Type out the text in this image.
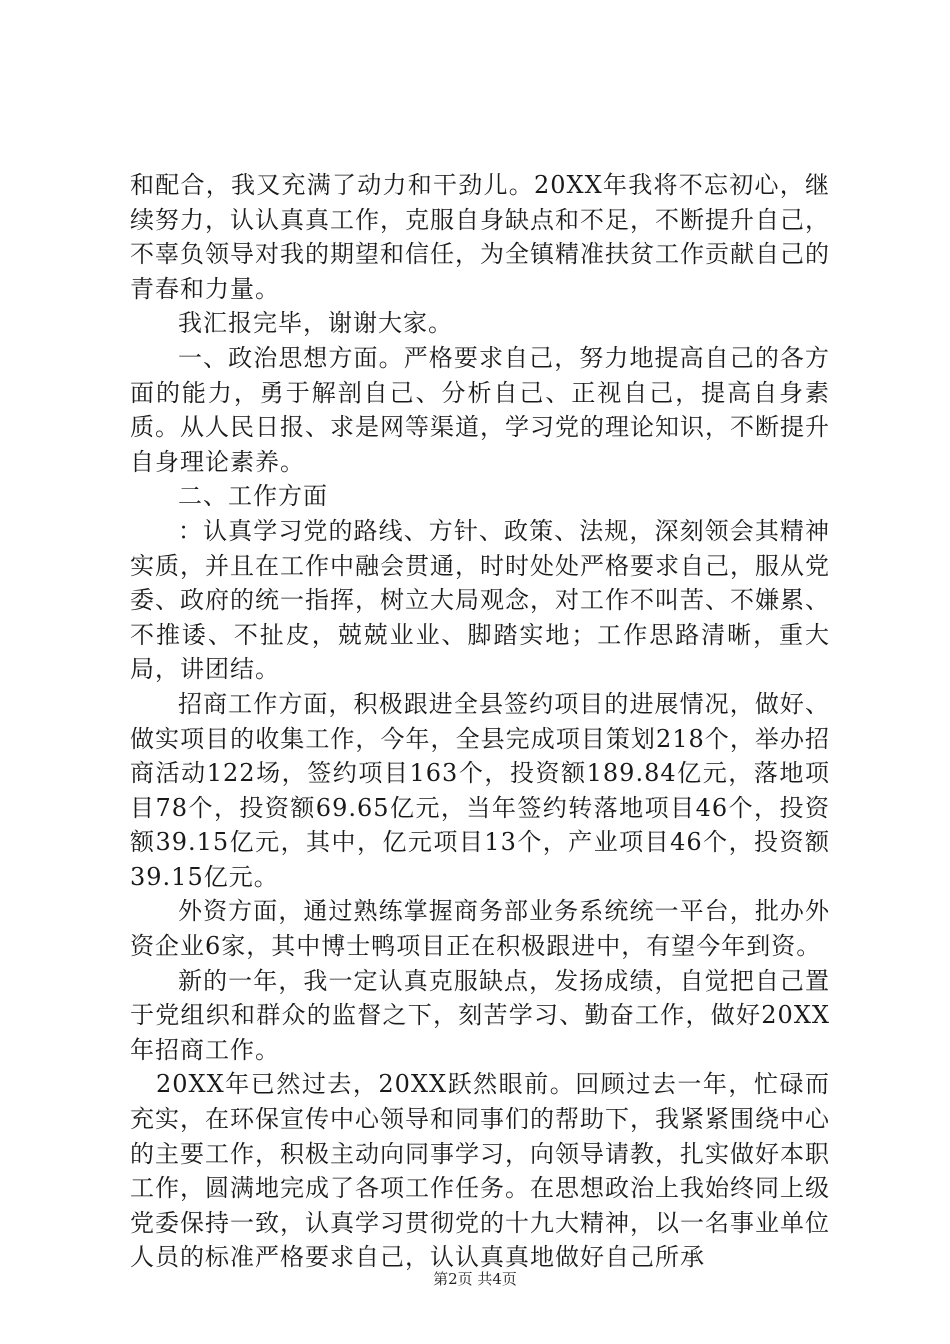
和配合，我又充满了动力和干劲儿。20XX年我将不忘初心，继续努力，认认真真工作，克服自身缺点和不足，不断提升自己，不辜负领导对我的期望和信任，为全镇精准扶贫工作贡献自己的青春和力量。

我汇报完毕，谢谢大家。

一、政治思想方面。严格要求自己，努力地提高自己的各方面的能力，勇于解剖自己、分析自己、正视自己，提高自身素质。从人民日报、求是网等渠道，学习党的理论知识，不断提升自身理论素养。

二、工作方面

：认真学习党的路线、方针、政策、法规，深刻领会其精神实质，并且在工作中融会贯通，时时处处严格要求自己，服从党委、政府的统一指挥，树立大局观念，对工作不叫苦、不嫌累、不推诿、不扯皮，兢兢业业、脚踏实地；工作思路清晰，重大局，讲团结。

招商工作方面，积极跟进全县签约项目的进展情况，做好、做实项目的收集工作，今年，全县完成项目策划218个，举办招商活动122场，签约项目163个，投资额189.84亿元，落地项目78个，投资额69.65亿元，当年签约转落地项目46个，投资额39.15亿元，其中，亿元项目13个，产业项目46个，投资额39.15亿元。

外资方面，通过熟练掌握商务部业务系统统一平台，批办外资企业6家，其中博士鸭项目正在积极跟进中，有望今年到资。

新的一年，我一定认真克服缺点，发扬成绩，自觉把自己置于党组织和群众的监督之下，刻苦学习、勤奋工作，做好20XX年招商工作。

20XX年已然过去，20XX跃然眼前。回顾过去一年，忙碌而充实，在环保宣传中心领导和同事们的帮助下，我紧紧围绕中心的主要工作，积极主动向同事学习，向领导请教，扎实做好本职工作，圆满地完成了各项工作任务。在思想政治上我始终同上级党委保持一致，认真学习贯彻党的十九大精神，以一名事业单位人员的标准严格要求自己，认认真真地做好自己所承

第2页 共4页
